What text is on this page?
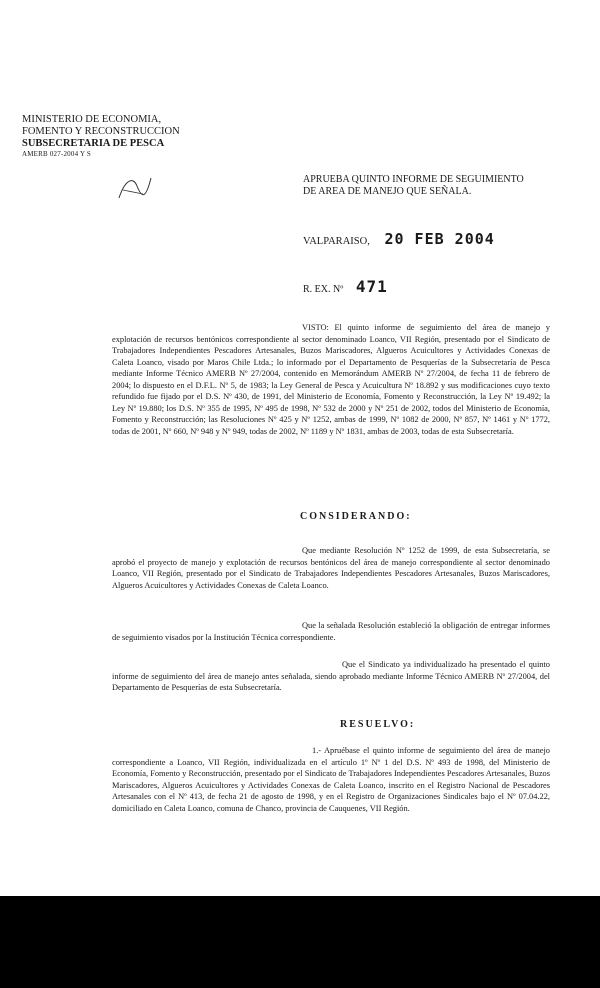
MINISTERIO DE ECONOMIA,
FOMENTO Y RECONSTRUCCION
SUBSECRETARIA DE PESCA
AMERB 027-2004 Y S
APRUEBA QUINTO INFORME DE SEGUIMIENTO
DE AREA DE MANEJO QUE SEÑALA.
VALPARAISO, 20 FEB 2004
R. EX. Nº 471
VISTO: El quinto informe de seguimiento del área de manejo y explotación de recursos bentónicos correspondiente al sector denominado Loanco, VII Región, presentado por el Sindicato de Trabajadores Independientes Pescadores Artesanales, Buzos Mariscadores, Algueros Acuicultores y Actividades Conexas de Caleta Loanco, visado por Maros Chile Ltda.; lo informado por el Departamento de Pesquerías de la Subsecretaría de Pesca mediante Informe Técnico AMERB Nº 27/2004, contenido en Memorándum AMERB Nº 27/2004, de fecha 11 de febrero de 2004; lo dispuesto en el D.F.L. Nº 5, de 1983; la Ley General de Pesca y Acuicultura Nº 18.892 y sus modificaciones cuyo texto refundido fue fijado por el D.S. Nº 430, de 1991, del Ministerio de Economía, Fomento y Reconstrucción, la Ley Nº 19.492; la Ley Nº 19.880; los D.S. Nº 355 de 1995, Nº 495 de 1998, Nº 532 de 2000 y Nº 251 de 2002, todos del Ministerio de Economía, Fomento y Reconstrucción; las Resoluciones Nº 425 y Nº 1252, ambas de 1999, Nº 1082 de 2000, Nº 857, Nº 1461 y Nº 1772, todas de 2001, Nº 660, Nº 948 y Nº 949, todas de 2002, Nº 1189 y Nº 1831, ambas de 2003, todas de esta Subsecretaría.
CONSIDERANDO:
Que mediante Resolución Nº 1252 de 1999, de esta Subsecretaría, se aprobó el proyecto de manejo y explotación de recursos bentónicos del área de manejo correspondiente al sector denominado Loanco, VII Región, presentado por el Sindicato de Trabajadores Independientes Pescadores Artesanales, Buzos Mariscadores, Algueros Acuicultores y Actividades Conexas de Caleta Loanco.
Que la señalada Resolución estableció la obligación de entregar informes de seguimiento visados por la Institución Técnica correspondiente.
Que el Sindicato ya individualizado ha presentado el quinto informe de seguimiento del área de manejo antes señalada, siendo aprobado mediante Informe Técnico AMERB Nº 27/2004, del Departamento de Pesquerías de esta Subsecretaría.
RESUELVO:
1.- Apruébase el quinto informe de seguimiento del área de manejo correspondiente a Loanco, VII Región, individualizada en el artículo 1º Nº 1 del D.S. Nº 493 de 1998, del Ministerio de Economía, Fomento y Reconstrucción, presentado por el Sindicato de Trabajadores Independientes Pescadores Artesanales, Buzos Mariscadores, Algueros Acuicultores y Actividades Conexas de Caleta Loanco, inscrito en el Registro Nacional de Pescadores Artesanales con el Nº 413, de fecha 21 de agosto de 1998, y en el Registro de Organizaciones Sindicales bajo el Nº 07.04.22, domiciliado en Caleta Loanco, comuna de Chanco, provincia de Cauquenes, VII Región.
